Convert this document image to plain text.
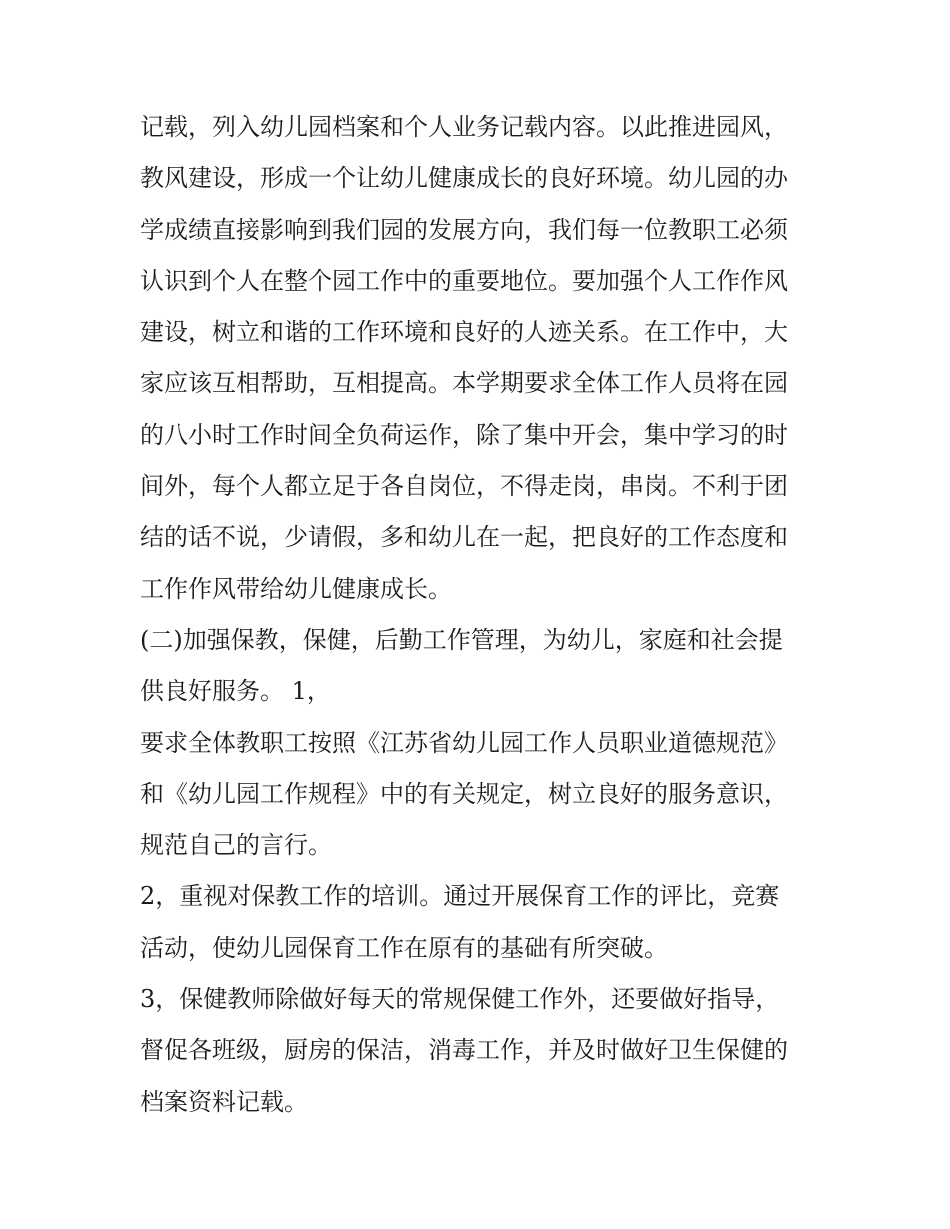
记载，列入幼儿园档案和个人业务记载内容。以此推进园风，
教风建设，形成一个让幼儿健康成长的良好环境。幼儿园的办
学成绩直接影响到我们园的发展方向，我们每一位教职工必须
认识到个人在整个园工作中的重要地位。要加强个人工作作风
建设，树立和谐的工作环境和良好的人迹关系。在工作中，大
家应该互相帮助，互相提高。本学期要求全体工作人员将在园
的八小时工作时间全负荷运作，除了集中开会，集中学习的时
间外，每个人都立足于各自岗位，不得走岗，串岗。不利于团
结的话不说，少请假，多和幼儿在一起，把良好的工作态度和
工作作风带给幼儿健康成长。
(二)加强保教，保健，后勤工作管理，为幼儿，家庭和社会提
供良好服务。 1，
要求全体教职工按照《江苏省幼儿园工作人员职业道德规范》
和《幼儿园工作规程》中的有关规定，树立良好的服务意识，
规范自己的言行。
2，重视对保教工作的培训。通过开展保育工作的评比，竞赛
活动，使幼儿园保育工作在原有的基础有所突破。
3，保健教师除做好每天的常规保健工作外，还要做好指导，
督促各班级，厨房的保洁，消毒工作，并及时做好卫生保健的
档案资料记载。
